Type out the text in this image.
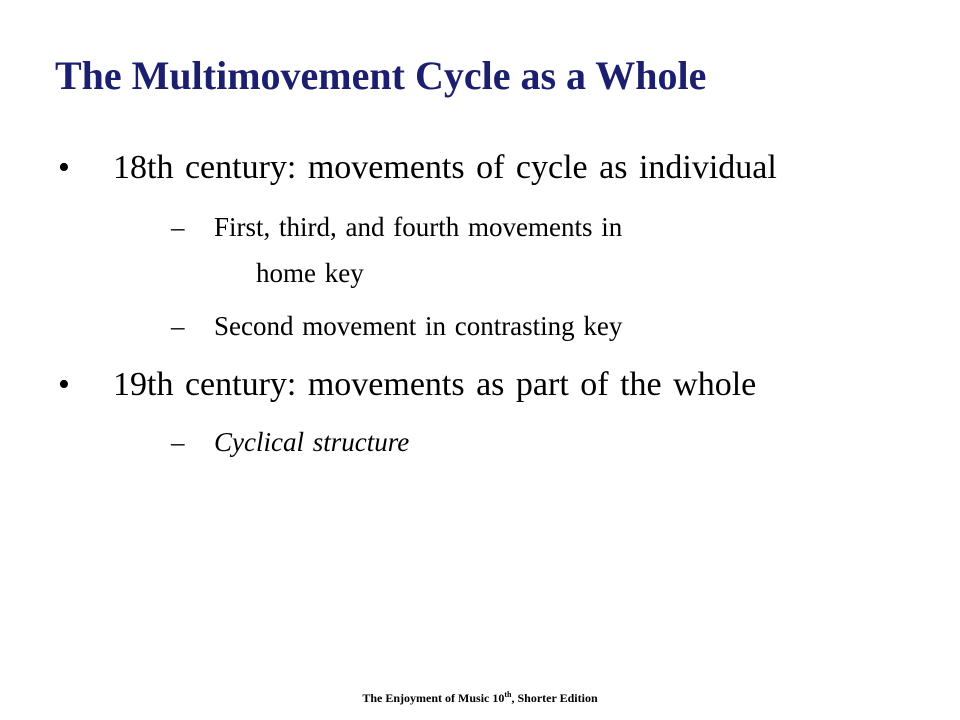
The Multimovement Cycle as a Whole
• 18th century: movements of cycle as individual
– First, third, and fourth movements in
home key
– Second movement in contrasting key
• 19th century: movements as part of the whole
– Cyclical structure
The Enjoyment of Music 10th, Shorter Edition
